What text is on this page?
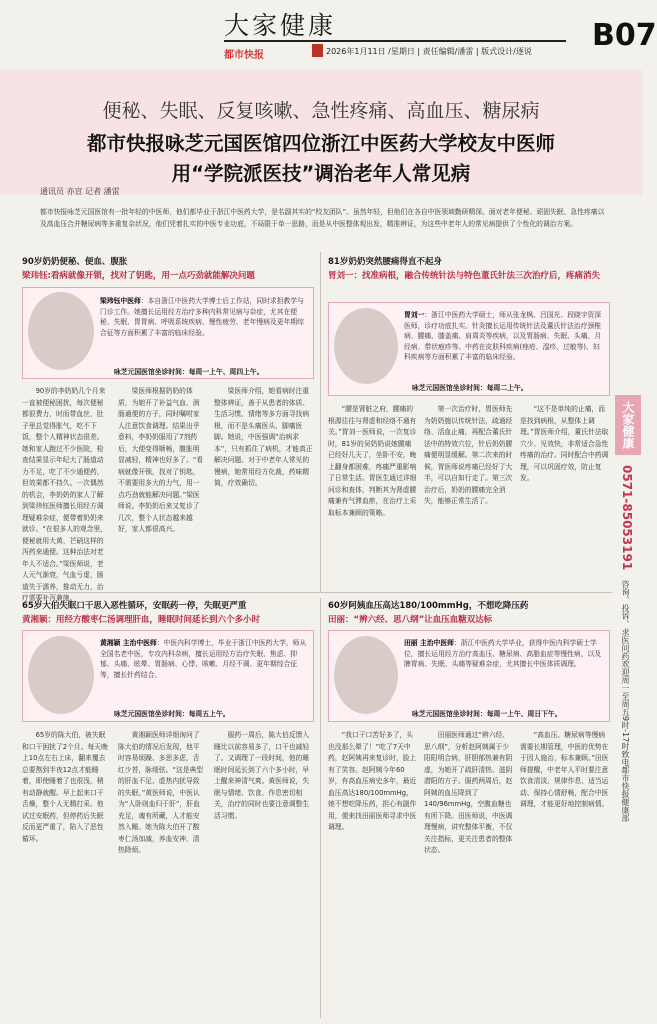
大家健康
都市快报	2026年1月11日 /星期日 | 责任编辑/潘雷 | 版式设计/逐说 B07
便秘、失眠、反复咳嗽、急性疼痛、高血压、糖尿病
都市快报咏芝元国医馆四位浙江中医药大学校友中医师
用“学院派医技”调治老年人常见病
通讯员 亦宣 记者 潘雷
都市快报咏芝元国医馆有一批年轻的中医师，他们都毕业于浙江中医药大学，是名副其实的“校友团队”。虽然年轻，但他们在各自中医领域勤研精深。面对老年便秘、顽固失眠、急性疼痛以及高血压合并糖尿病等多重复杂状况，他们凭着扎实的中医专业功底，不局限于单一思路，而是从中医整体观出发，精准辨证，为这些中老年人的常见病提供了个性化的调治方案。
90岁奶奶便秘、便血、腹胀
梁玮钰:看病就像开锁，找对了钥匙，用一点巧劲就能解决问题
梁玮钰中医师：本自浙江中医药大学博士后工作站，同时求担教学与门诊工作。她擅长运用经方治疗多种内科常见病与杂症，尤其在便秘、失眠、胃胃病、呼吸系统疾病、慢性疲劳、老年慢病及更年期综合征等方面积累了丰富的临床经验。
咏芝元国医馆坐诊时间：每周一上午、周四上午。
90岁的李奶奶几个月来一直被便秘困扰，每次便秘都很费力，时而带血丝，肚子里总觉得胀气，吃不下饭，整个人精神状态很差。她和家人跑过不少医院，检查结果显示年纪大了肠道动力不足，吃了不少通便药，但效果都不持久。一次偶然的机会，李奶奶的家人了解到梁玮钰医师擅长用经方调理疑难杂症，便带着奶奶来就诊。“在很多人的观念里，便秘就用大黄、芒硝这样的泻药来通便。这种治法对老年人不适合。”梁医师说，老人元气渐衰，气血亏虚，肠道失于濡养，推动无力，治疗需要补泻兼施。
梁医师根据奶奶的体质，为她开了补益气血、润肠通便的方子，同时嘱咐家人注意饮食调理。结果出乎意料，李奶奶服用了7剂药后，大便变得顺畅，腹胀明显减轻，精神也好多了。“看病就像开锁，找对了钥匙，不需要用多大的力气，用一点巧劲就能解决问题。”梁医师说。李奶奶后来又复诊了几次，整个人状态越来越好，家人都很高兴。
梁医师介绍，她看病时注重整体辨证，善于从患者的体质、生活习惯、情绪等多方面寻找病根，而不是头痛医头、脚痛医脚。她说，中医强调“治病求本”，只有抓住了病机，才能真正解决问题。对于中老年人常见的慢病，她常用经方化裁，药味精简，疗效确切。
81岁奶奶突然腰痛得直不起身
胃刘一：找准病根，融合传统针法与特色董氏针法三次治疗后，疼痛消失
胃刘一：浙江中医药大学硕士，师从张龙枫、吕国光、段晓宇资深医师，诊疗功底扎实。针灸擅长运用传统针法及董氏针法治疗颈椎病、腰痛、膝盖痛、肩周炎等疾病，以及胃肠病、失眠、头痛、月经病、带状疱疹等。中药在皮肤科疾病(痤疮、湿疹、过敏等)、妇科疾病等方面积累了丰富的临床经验。
咏芝元国医馆坐诊时间：每周二上午。
“腰是肾脏之府，腰痛的根源往往与肾虚和经络不通有关。”胃刘一医师说，一次复诊时，81岁的吴奶奶说她腰痛已经好几天了，坐卧不安，晚上翻身都困难，疼痛严重影响了日常生活。胃医生通过详细问诊和查体，判断其为肾虚腰痛兼有气滞血瘀，在治疗上采取标本兼顾的策略。
第一次治疗时，胃医师先为奶奶施以传统针法，疏通经络、活血止痛，再配合董氏针法中的特效穴位，针后奶奶腰痛便明显缓解。第二次来的时候，胃医师说疼痛已经好了大半，可以自如行走了。第三次治疗后，奶奶的腰痛完全消失，能够正常生活了。
“这不是单纯的止痛，而是找到病根，从整体上调理。”胃医师介绍，董氏针法取穴少、见效快，非常适合急性疼痛的治疗。同时配合中药调理，可以巩固疗效，防止复发。
65岁大伯失眠口干思入恶性循环，安眠药一停，失眠更严重
黄湘颖：用经方酸枣仁汤调理肝血，睡眠时间延长到六个多小时
黄湘颖 主治中医师：中医内科学博士，毕业于浙江中医药大学，师从全国名老中医，专攻内科杂病，擅长运用经方治疗失眠、焦虑、抑郁、头痛、眩晕、胃肠病、心悸、咳嗽、月经不调、更年期综合征等，擅长针药结合。
咏芝元国医馆坐诊时间：每周五上午。
65岁的陈大伯，被失眠和口干困扰了2个月。每天晚上10点左右上床，翻来覆去总要熬到半夜12点才能睡着，即使睡着了也很浅，稍有动静就醒。早上起来口干舌燥，整个人无精打采。他试过安眠药，但停药后失眠反而更严重了，陷入了恶性循环。
黄湘颖医师详细询问了陈大伯的情况后发现，他平时容易烦躁、多思多虑，舌红少苔，脉细弦。“这是典型的肝血不足、虚热内扰导致的失眠。”黄医师说，中医认为“人卧则血归于肝”，肝血充足，魂有所藏，人才能安然入睡。她为陈大伯开了酸枣仁汤加减，养血安神、清热除烦。
服药一周后，陈大伯反馈入睡比以前容易多了，口干也减轻了。又调理了一段时间，他的睡眠时间延长到了六个多小时，早上醒来神清气爽。黄医师说，失眠与情绪、饮食、作息密切相关，治疗的同时也要注意调整生活习惯。
60岁阿姨血压高达180/100mmHg，不想吃降压药
田丽：“辨六经、思八纲”让血压血糖双达标
田丽 主治中医师：浙江中医药大学毕业，获得中医内科学硕士学位，擅长运用经方治疗高血压、糖尿病、高脂血症等慢性病，以及脾胃病、失眠、头痛等疑难杂症，尤其擅长中医体质调理。
咏芝元国医馆坐诊时间：每周一上午、周日下午。
“我口干口苦好多了，头也没那么晕了！”吃了7天中药，赵阿姨再来复诊时，脸上有了笑容。赵阿姨今年60岁，有高血压病史多年，最近血压高达180/100mmHg，她不想吃降压药，担心有副作用，便来找田丽医师寻求中医调理。
田丽医师通过“辨六经、思八纲”，分析赵阿姨属于少阳阳明合病，肝胆郁热兼有阴虚，为她开了疏肝清热、滋阴潜阳的方子。服药两周后，赵阿姨的血压降到了140/96mmHg，空腹血糖也有所下降。田医师说，中医调理慢病，讲究整体平衡，不仅关注指标，更关注患者的整体状态。
“高血压、糖尿病等慢病需要长期管理，中医的优势在于因人施治，标本兼顾。”田医师提醒，中老年人平时要注意饮食清淡、规律作息、适当运动、保持心情舒畅，配合中医调理，才能更好地控制病情。
大家健康
0571-85053191
咨询、投诉、求医问药欢迎周一至周五9时-17时致电都市快报健康部
